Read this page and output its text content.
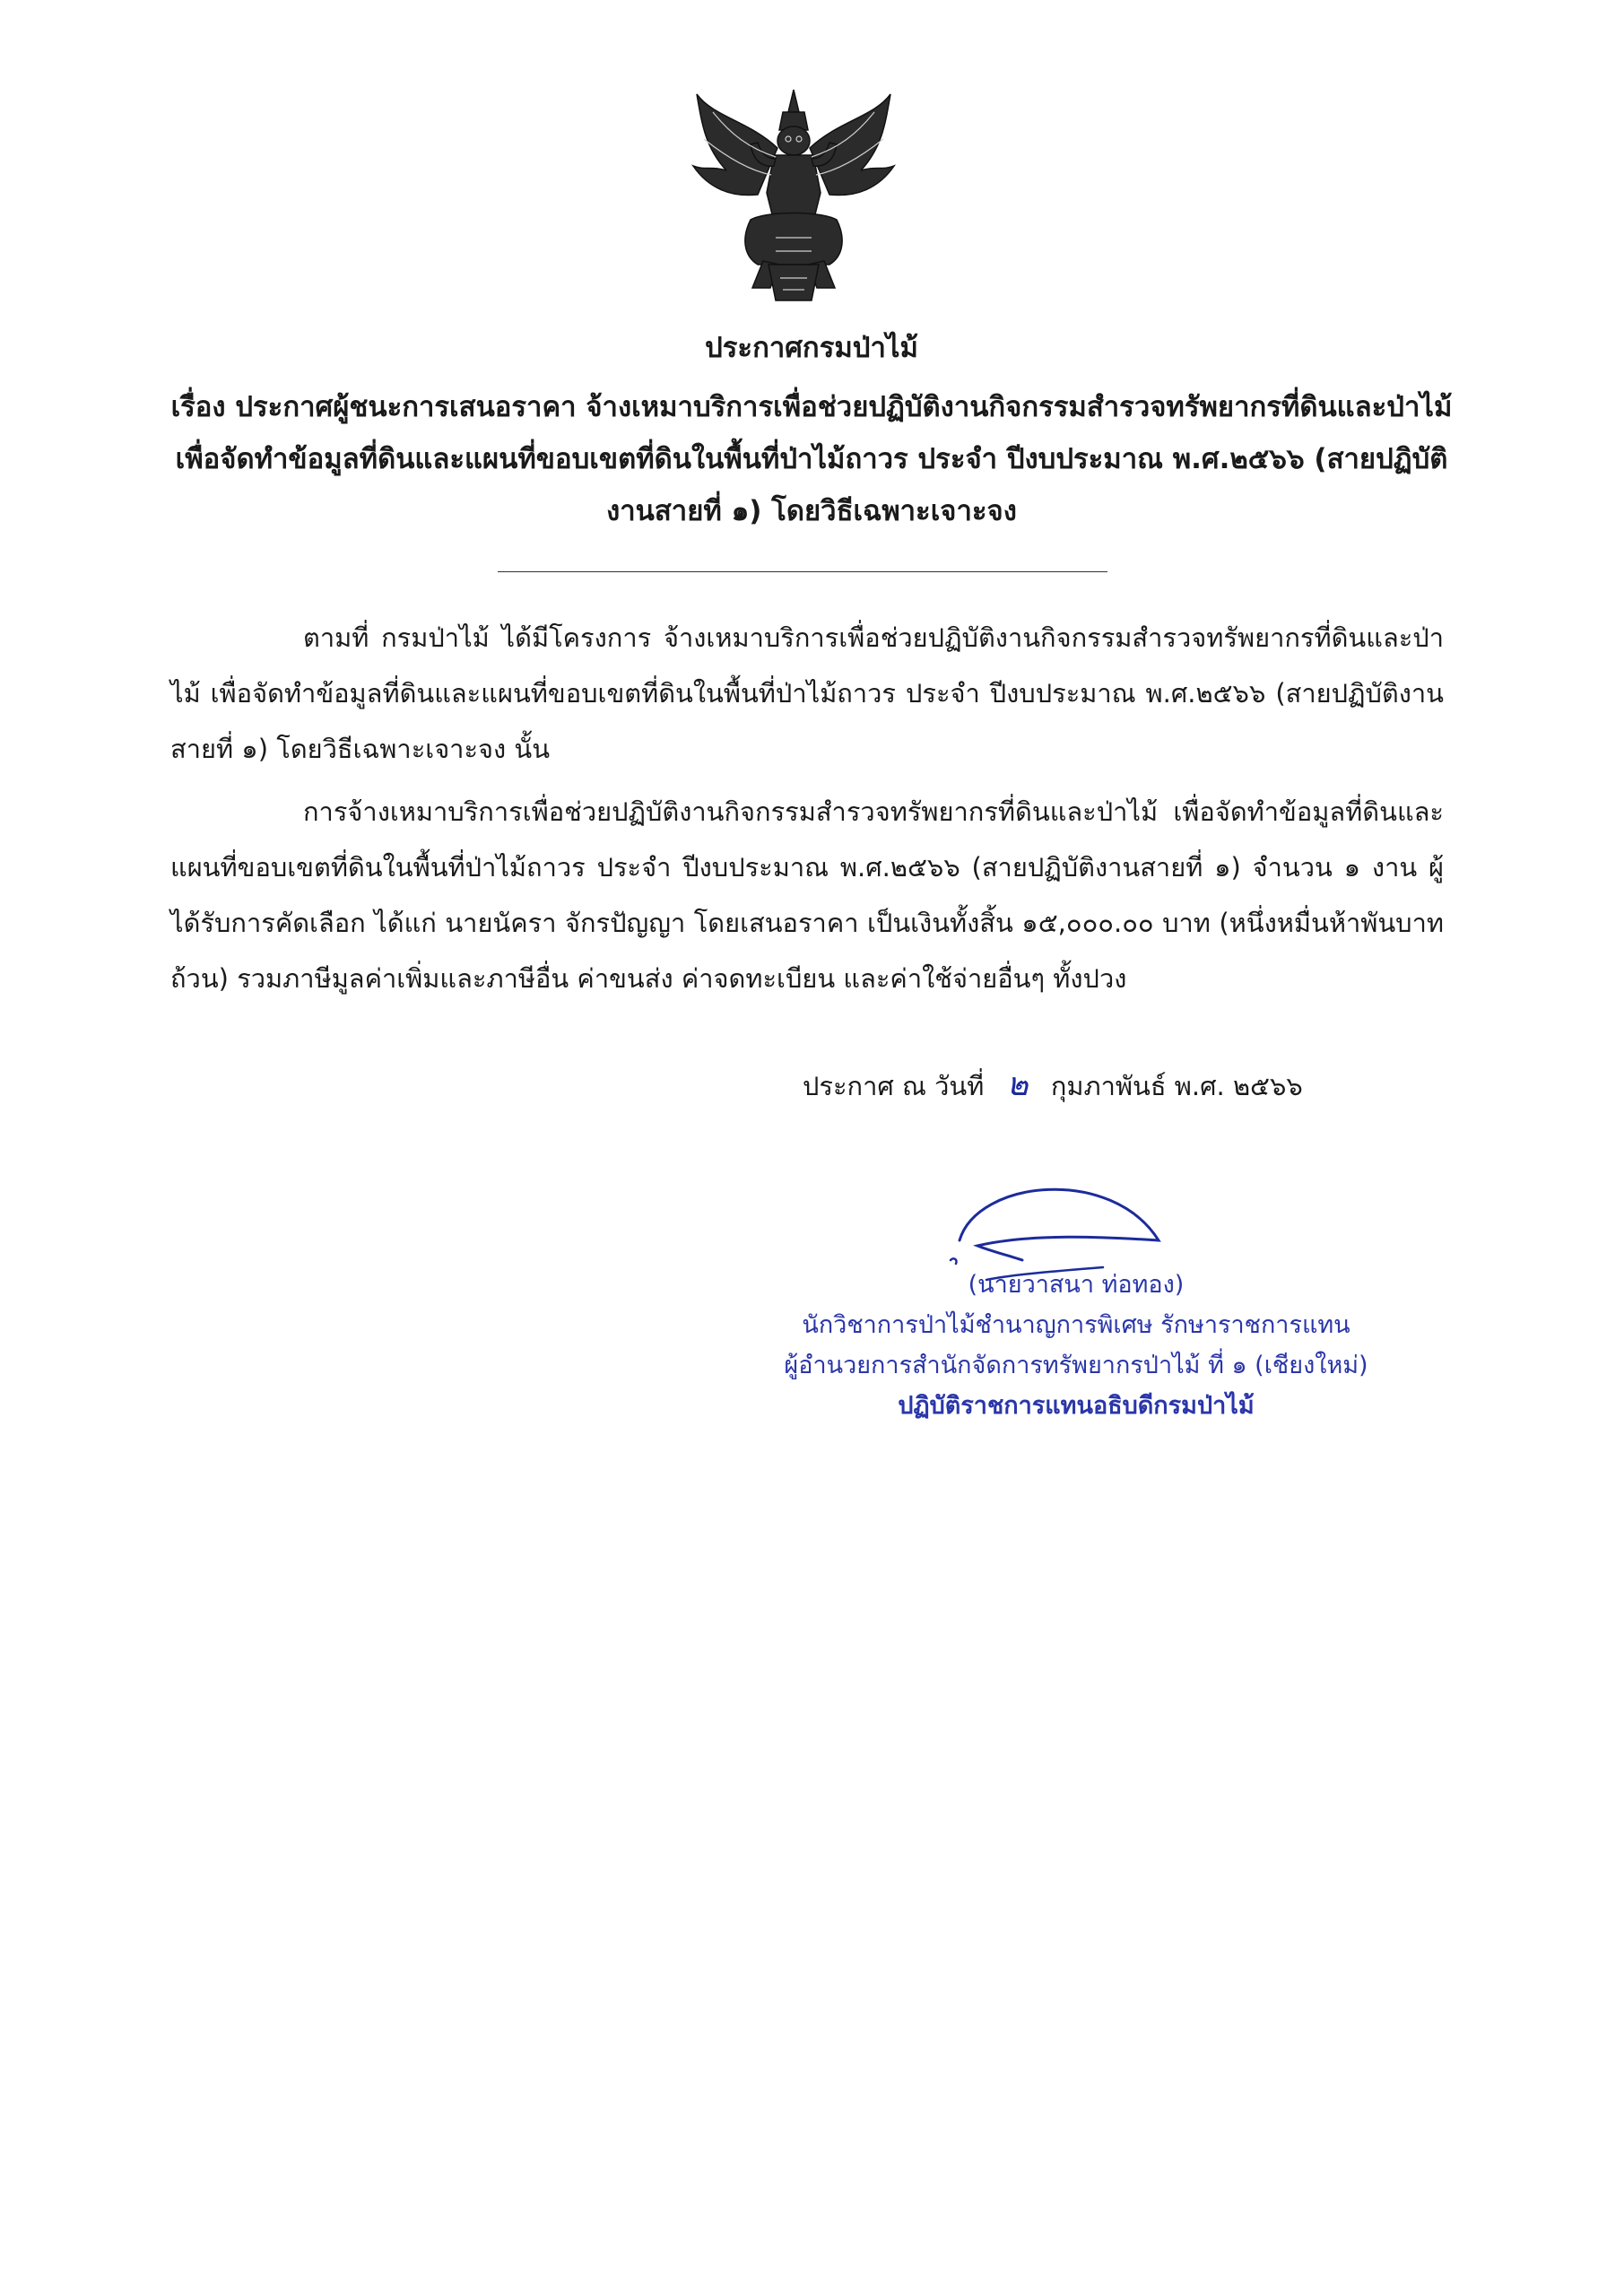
ประกาศกรมป่าไม้

เรื่อง ประกาศผู้ชนะการเสนอราคา จ้างเหมาบริการเพื่อช่วยปฏิบัติงานกิจกรรมสำรวจทรัพยากรที่ดินและป่าไม้

เพื่อจัดทำข้อมูลที่ดินและแผนที่ขอบเขตที่ดินในพื้นที่ป่าไม้ถาวร ประจำ ปีงบประมาณ พ.ศ.๒๕๖๖ (สายปฏิบัติ

งานสายที่ ๑) โดยวิธีเฉพาะเจาะจง

ตามที่ กรมป่าไม้ ได้มีโครงการ จ้างเหมาบริการเพื่อช่วยปฏิบัติงานกิจกรรมสำรวจทรัพยากรที่ดินและป่าไม้ เพื่อจัดทำข้อมูลที่ดินและแผนที่ขอบเขตที่ดินในพื้นที่ป่าไม้ถาวร ประจำ ปีงบประมาณ พ.ศ.๒๕๖๖ (สายปฏิบัติงานสายที่ ๑) โดยวิธีเฉพาะเจาะจง นั้น

การจ้างเหมาบริการเพื่อช่วยปฏิบัติงานกิจกรรมสำรวจทรัพยากรที่ดินและป่าไม้ เพื่อจัดทำข้อมูลที่ดินและแผนที่ขอบเขตที่ดินในพื้นที่ป่าไม้ถาวร ประจำ ปีงบประมาณ พ.ศ.๒๕๖๖ (สายปฏิบัติงานสายที่ ๑) จำนวน ๑ งาน ผู้ได้รับการคัดเลือก ได้แก่ นายนัครา จักรปัญญา โดยเสนอราคา เป็นเงินทั้งสิ้น ๑๕,๐๐๐.๐๐ บาท (หนึ่งหมื่นห้าพันบาทถ้วน) รวมภาษีมูลค่าเพิ่มและภาษีอื่น ค่าขนส่ง ค่าจดทะเบียน และค่าใช้จ่ายอื่นๆ ทั้งปวง

ประกาศ ณ วันที่ ๒ กุมภาพันธ์ พ.ศ. ๒๕๖๖
(นายวาสนา ท่อทอง)
นักวิชาการป่าไม้ชำนาญการพิเศษ รักษาราชการแทน
ผู้อำนวยการสำนักจัดการทรัพยากรป่าไม้ ที่ ๑ (เชียงใหม่)
ปฏิบัติราชการแทนอธิบดีกรมป่าไม้
